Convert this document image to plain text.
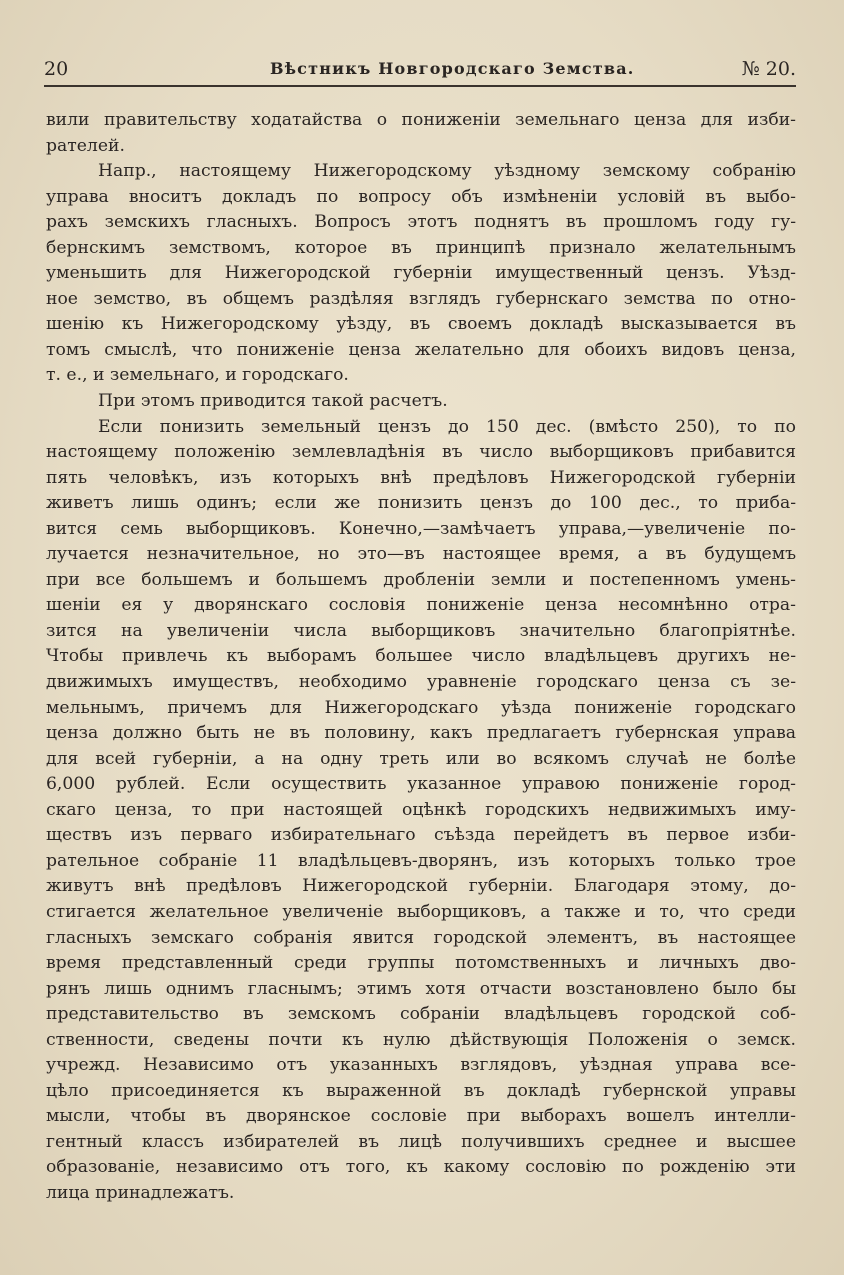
20	Вѣстникъ Новгородскаго Земства.	№ 20.
вили правительству ходатайства о пониженіи земельнаго ценза для изби-
рателей.
Напр., настоящему Нижегородскому уѣздному земскому собранію
управа вноситъ докладъ по вопросу объ измѣненіи условій въ выбо-
рахъ земскихъ гласныхъ. Вопросъ этотъ поднятъ въ прошломъ году гу-
бернскимъ земствомъ, которое въ принципѣ признало желательнымъ
уменьшить для Нижегородской губерніи имущественный цензъ. Уѣзд-
ное земство, въ общемъ раздѣляя взглядъ губернскаго земства по отно-
шенію къ Нижегородскому уѣзду, въ своемъ докладѣ высказывается въ
томъ смыслѣ, что пониженіе ценза желательно для обоихъ видовъ ценза,
т. е., и земельнаго, и городскаго.
При этомъ приводится такой расчетъ.
Если понизить земельный цензъ до 150 дес. (вмѣсто 250), то по
настоящему положенію землевладѣнія въ число выборщиковъ прибавится
пять человѣкъ, изъ которыхъ внѣ предѣловъ Нижегородской губерніи
живетъ лишь одинъ; если же понизить цензъ до 100 дес., то приба-
вится семь выборщиковъ. Конечно,—замѣчаетъ управа,—увеличеніе по-
лучается незначительное, но это—въ настоящее время, а въ будущемъ
при все большемъ и большемъ дробленіи земли и постепенномъ умень-
шеніи ея у дворянскаго сословія пониженіе ценза несомнѣнно отра-
зится на увеличеніи числа выборщиковъ значительно благопріятнѣе.
Чтобы привлечь къ выборамъ большее число владѣльцевъ другихъ не-
движимыхъ имуществъ, необходимо уравненіе городскаго ценза съ зе-
мельнымъ, причемъ для Нижегородскаго уѣзда пониженіе городскаго
ценза должно быть не въ половину, какъ предлагаетъ губернская управа
для всей губерніи, а на одну треть или во всякомъ случаѣ не болѣе
6,000 рублей. Если осуществить указанное управою пониженіе город-
скаго ценза, то при настоящей оцѣнкѣ городскихъ недвижимыхъ иму-
ществъ изъ перваго избирательнаго съѣзда перейдетъ въ первое изби-
рательное собраніе 11 владѣльцевъ-дворянъ, изъ которыхъ только трое
живутъ внѣ предѣловъ Нижегородской губерніи. Благодаря этому, до-
стигается желательное увеличеніе выборщиковъ, а также и то, что среди
гласныхъ земскаго собранія явится городской элементъ, въ настоящее
время представленный среди группы потомственныхъ и личныхъ дво-
рянъ лишь однимъ гласнымъ; этимъ хотя отчасти возстановлено было бы
представительство въ земскомъ собраніи владѣльцевъ городской соб-
ственности, сведены почти къ нулю дѣйствующія Положенія о земск.
учрежд. Независимо отъ указанныхъ взглядовъ, уѣздная управа все-
цѣло присоединяется къ выраженной въ докладѣ губернской управы
мысли, чтобы въ дворянское сословіе при выборахъ вошелъ интелли-
гентный классъ избирателей въ лицѣ получившихъ среднее и высшее
образованіе, независимо отъ того, къ какому сословію по рожденію эти
лица принадлежатъ.
